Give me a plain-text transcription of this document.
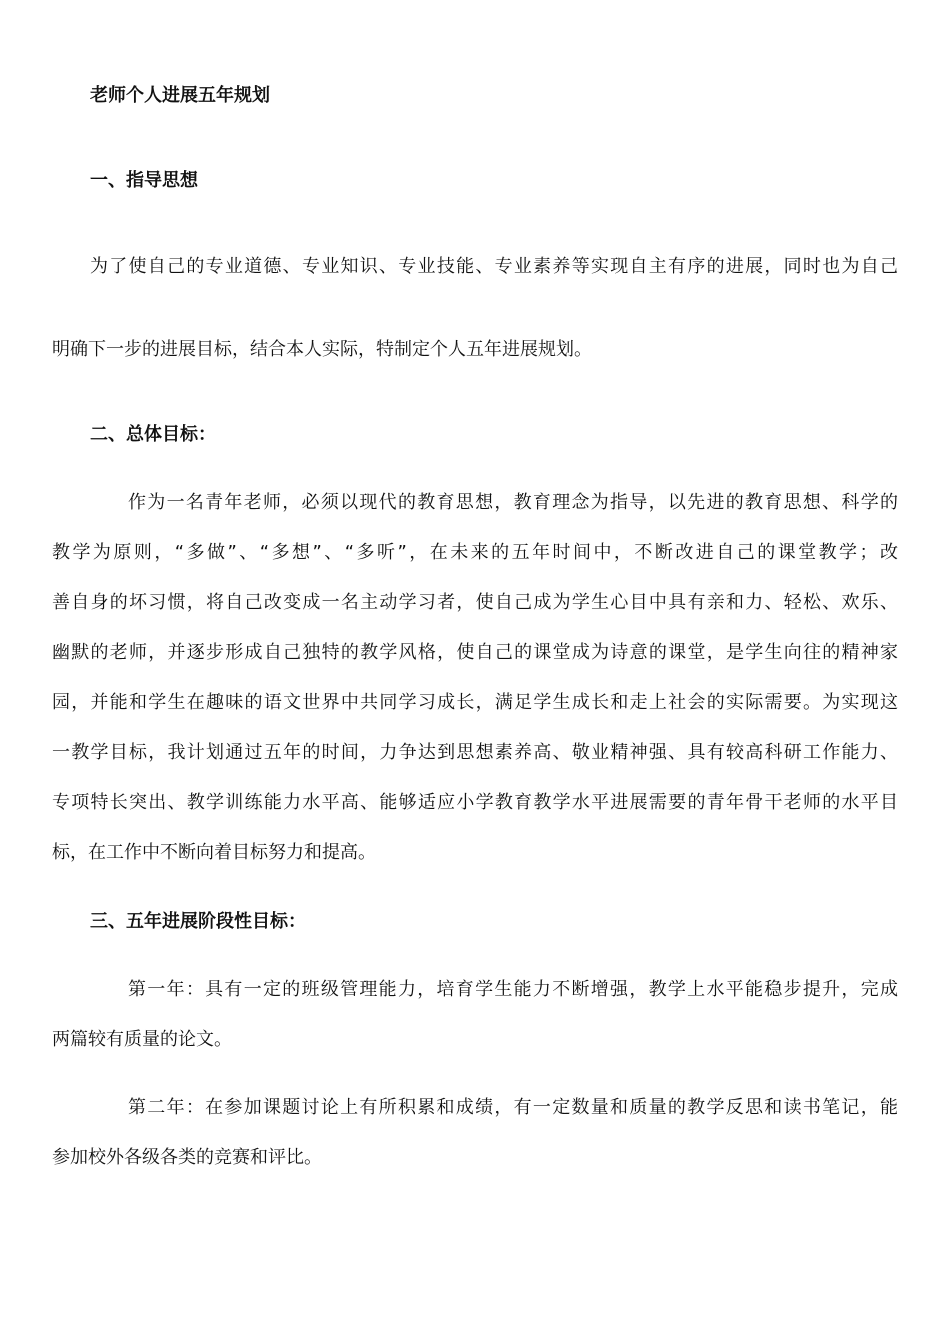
老师个人进展五年规划
一、指导思想
为了使自己的专业道德、专业知识、专业技能、专业素养等实现自主有序的进展，同时也为自己
明确下一步的进展目标，结合本人实际，特制定个人五年进展规划。
二、总体目标：
作为一名青年老师，必须以现代的教育思想，教育理念为指导，以先进的教育思想、科学的
教学为原则，“多做”、“多想”、“多听”，在未来的五年时间中，不断改进自己的课堂教学；改
善自身的坏习惯，将自己改变成一名主动学习者，使自己成为学生心目中具有亲和力、轻松、欢乐、
幽默的老师，并逐步形成自己独特的教学风格，使自己的课堂成为诗意的课堂，是学生向往的精神家
园，并能和学生在趣味的语文世界中共同学习成长，满足学生成长和走上社会的实际需要。为实现这
一教学目标，我计划通过五年的时间，力争达到思想素养高、敬业精神强、具有较高科研工作能力、
专项特长突出、教学训练能力水平高、能够适应小学教育教学水平进展需要的青年骨干老师的水平目
标，在工作中不断向着目标努力和提高。
三、五年进展阶段性目标：
第一年：具有一定的班级管理能力，培育学生能力不断增强，教学上水平能稳步提升，完成
两篇较有质量的论文。
第二年：在参加课题讨论上有所积累和成绩，有一定数量和质量的教学反思和读书笔记，能
参加校外各级各类的竞赛和评比。
